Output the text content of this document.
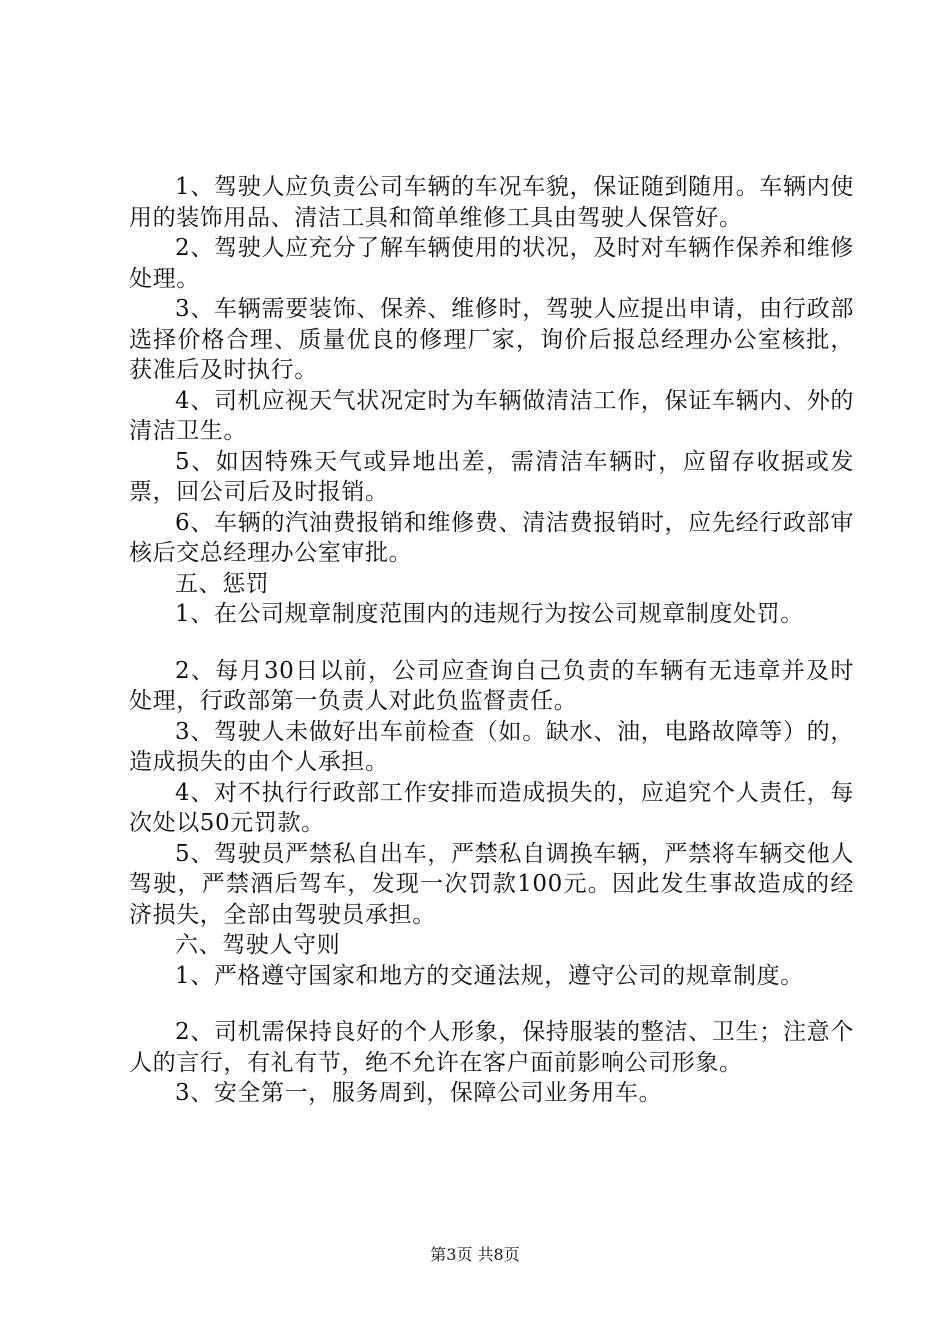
1、驾驶人应负责公司车辆的车况车貌，保证随到随用。车辆内使用的装饰用品、清洁工具和简单维修工具由驾驶人保管好。

2、驾驶人应充分了解车辆使用的状况，及时对车辆作保养和维修处理。

3、车辆需要装饰、保养、维修时，驾驶人应提出申请，由行政部选择价格合理、质量优良的修理厂家，询价后报总经理办公室核批，获准后及时执行。

4、司机应视天气状况定时为车辆做清洁工作，保证车辆内、外的清洁卫生。

5、如因特殊天气或异地出差，需清洁车辆时，应留存收据或发票，回公司后及时报销。

6、车辆的汽油费报销和维修费、清洁费报销时，应先经行政部审核后交总经理办公室审批。

五、惩罚

1、在公司规章制度范围内的违规行为按公司规章制度处罚。

2、每月30日以前，公司应查询自己负责的车辆有无违章并及时处理，行政部第一负责人对此负监督责任。

3、驾驶人未做好出车前检查（如。缺水、油，电路故障等）的，造成损失的由个人承担。

4、对不执行行政部工作安排而造成损失的，应追究个人责任，每次处以50元罚款。

5、驾驶员严禁私自出车，严禁私自调换车辆，严禁将车辆交他人驾驶，严禁酒后驾车，发现一次罚款100元。因此发生事故造成的经济损失，全部由驾驶员承担。

六、驾驶人守则

1、严格遵守国家和地方的交通法规，遵守公司的规章制度。

2、司机需保持良好的个人形象，保持服装的整洁、卫生；注意个人的言行，有礼有节，绝不允许在客户面前影响公司形象。

3、安全第一，服务周到，保障公司业务用车。

第3页 共8页
